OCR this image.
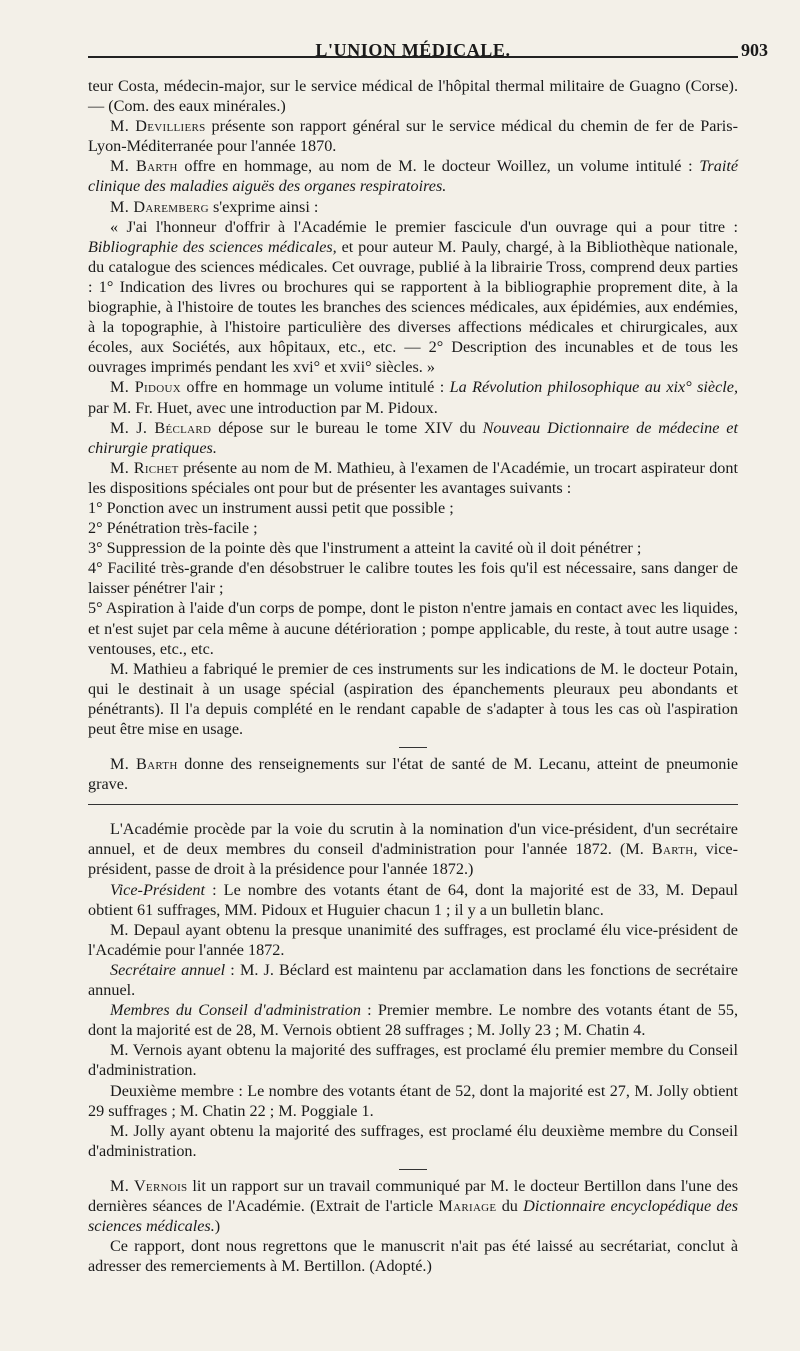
L'UNION MÉDICALE.	903

teur Costa, médecin-major, sur le service médical de l'hôpital thermal militaire de Guagno (Corse). — (Com. des eaux minérales.)

M. Devilliers présente son rapport général sur le service médical du chemin de fer de Paris-Lyon-Méditerranée pour l'année 1870.

M. Barth offre en hommage, au nom de M. le docteur Woillez, un volume intitulé : Traité clinique des maladies aiguës des organes respiratoires.

M. Daremberg s'exprime ainsi :

« J'ai l'honneur d'offrir à l'Académie le premier fascicule d'un ouvrage qui a pour titre : Bibliographie des sciences médicales, et pour auteur M. Pauly, chargé, à la Bibliothèque nationale, du catalogue des sciences médicales. Cet ouvrage, publié à la librairie Tross, comprend deux parties : 1° Indication des livres ou brochures qui se rapportent à la bibliographie proprement dite, à la biographie, à l'histoire de toutes les branches des sciences médicales, aux épidémies, aux endémies, à la topographie, à l'histoire particulière des diverses affections médicales et chirurgicales, aux écoles, aux Sociétés, aux hôpitaux, etc., etc. — 2° Description des incunables et de tous les ouvrages imprimés pendant les xvi° et xvii° siècles. »

M. Pidoux offre en hommage un volume intitulé : La Révolution philosophique au xix° siècle, par M. Fr. Huet, avec une introduction par M. Pidoux.

M. J. Béclard dépose sur le bureau le tome XIV du Nouveau Dictionnaire de médecine et chirurgie pratiques.

M. Richet présente au nom de M. Mathieu, à l'examen de l'Académie, un trocart aspirateur dont les dispositions spéciales ont pour but de présenter les avantages suivants :

1° Ponction avec un instrument aussi petit que possible ;

2° Pénétration très-facile ;

3° Suppression de la pointe dès que l'instrument a atteint la cavité où il doit pénétrer ;

4° Facilité très-grande d'en désobstruer le calibre toutes les fois qu'il est nécessaire, sans danger de laisser pénétrer l'air ;

5° Aspiration à l'aide d'un corps de pompe, dont le piston n'entre jamais en contact avec les liquides, et n'est sujet par cela même à aucune détérioration ; pompe applicable, du reste, à tout autre usage : ventouses, etc., etc.

M. Mathieu a fabriqué le premier de ces instruments sur les indications de M. le docteur Potain, qui le destinait à un usage spécial (aspiration des épanchements pleuraux peu abondants et pénétrants). Il l'a depuis complété en le rendant capable de s'adapter à tous les cas où l'aspiration peut être mise en usage.

M. Barth donne des renseignements sur l'état de santé de M. Lecanu, atteint de pneumonie grave.

L'Académie procède par la voie du scrutin à la nomination d'un vice-président, d'un secrétaire annuel, et de deux membres du conseil d'administration pour l'année 1872. (M. Barth, vice-président, passe de droit à la présidence pour l'année 1872.)

Vice-Président : Le nombre des votants étant de 64, dont la majorité est de 33, M. Depaul obtient 61 suffrages, MM. Pidoux et Huguier chacun 1 ; il y a un bulletin blanc.

M. Depaul ayant obtenu la presque unanimité des suffrages, est proclamé élu vice-président de l'Académie pour l'année 1872.

Secrétaire annuel : M. J. Béclard est maintenu par acclamation dans les fonctions de secrétaire annuel.

Membres du Conseil d'administration : Premier membre. Le nombre des votants étant de 55, dont la majorité est de 28, M. Vernois obtient 28 suffrages ; M. Jolly 23 ; M. Chatin 4.

M. Vernois ayant obtenu la majorité des suffrages, est proclamé élu premier membre du Conseil d'administration.

Deuxième membre : Le nombre des votants étant de 52, dont la majorité est 27, M. Jolly obtient 29 suffrages ; M. Chatin 22 ; M. Poggiale 1.

M. Jolly ayant obtenu la majorité des suffrages, est proclamé élu deuxième membre du Conseil d'administration.

M. Vernois lit un rapport sur un travail communiqué par M. le docteur Bertillon dans l'une des dernières séances de l'Académie. (Extrait de l'article Mariage du Dictionnaire encyclopédique des sciences médicales.)

Ce rapport, dont nous regrettons que le manuscrit n'ait pas été laissé au secrétariat, conclut à adresser des remerciements à M. Bertillon. (Adopté.)
